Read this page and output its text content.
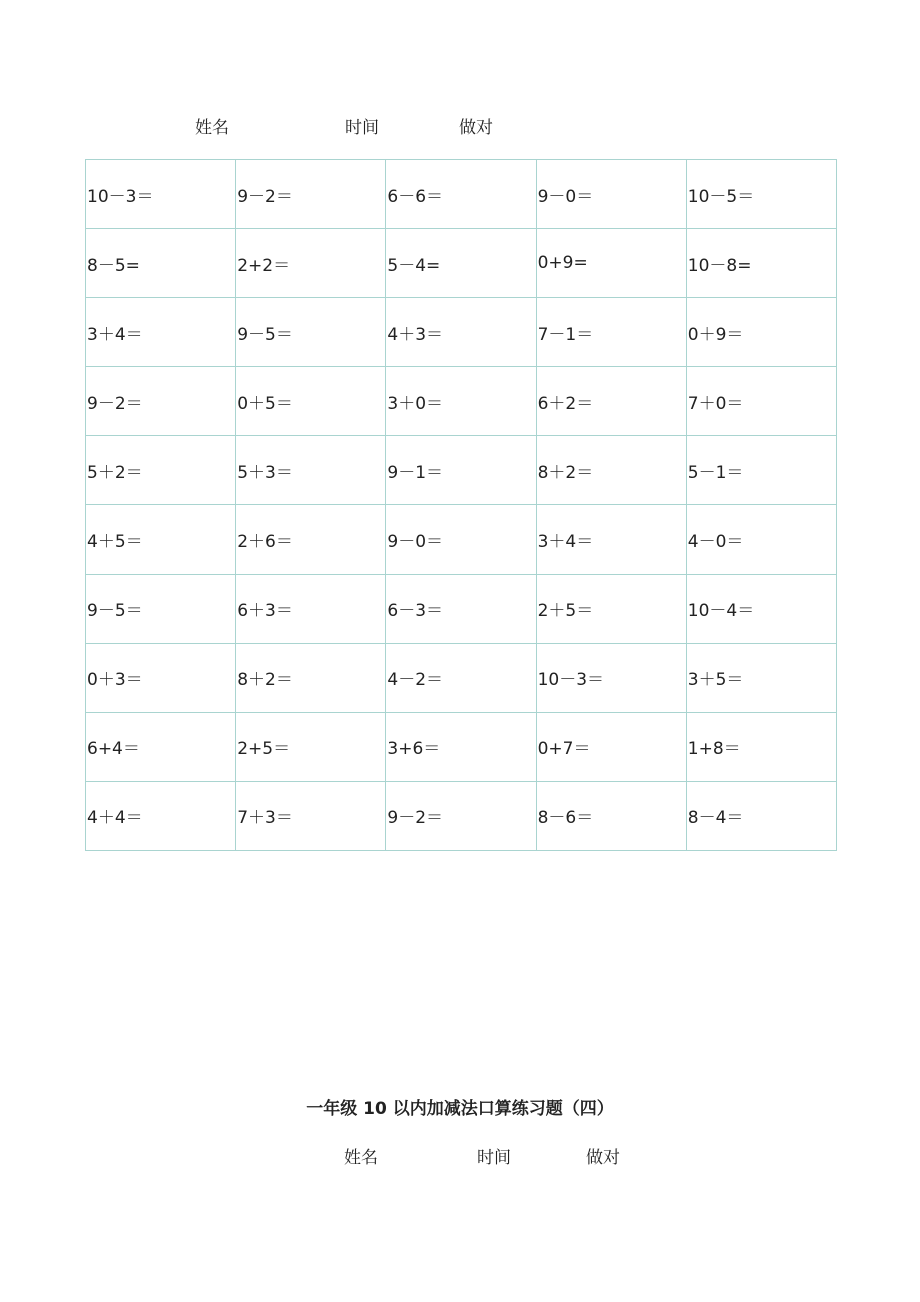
姓名	时间	做对
10－3＝	9－2＝	6－6＝	9－0＝	10－5＝
8－5=	2+2＝	5－4=	0+9=	10－8=
3＋4＝	9－5＝	4＋3＝	7－1＝	0＋9＝
9－2＝	0＋5＝	3＋0＝	6＋2＝	7＋0＝
5＋2＝	5＋3＝	9－1＝	8＋2＝	5－1＝
4＋5＝	2＋6＝	9－0＝	3＋4＝	4－0＝
9－5＝	6＋3＝	6－3＝	2＋5＝	10－4＝
0＋3＝	8＋2＝	4－2＝	10－3＝	3＋5＝
6+4＝	2+5＝	3+6＝	0+7＝	1+8＝
4＋4＝	7＋3＝	9－2＝	8－6＝	8－4＝
一年级 10 以内加减法口算练习题（四）
姓名	时间	做对
